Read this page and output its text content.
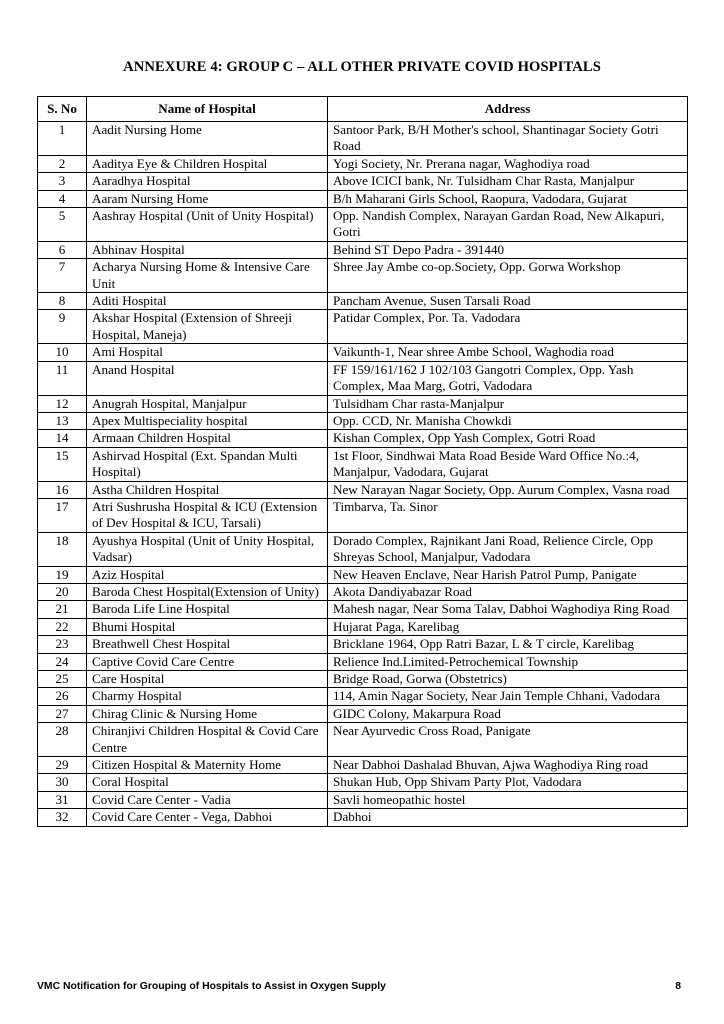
ANNEXURE 4: GROUP C – ALL OTHER PRIVATE COVID HOSPITALS
S. No	Name of Hospital	Address
1	Aadit Nursing Home	Santoor Park, B/H Mother's school, Shantinagar Society Gotri Road
2	Aaditya Eye & Children Hospital	Yogi Society, Nr. Prerana nagar, Waghodiya road
3	Aaradhya Hospital	Above ICICI bank, Nr. Tulsidham Char Rasta, Manjalpur
4	Aaram Nursing Home	B/h Maharani Girls School, Raopura, Vadodara, Gujarat
5	Aashray Hospital (Unit of Unity Hospital)	Opp. Nandish Complex, Narayan Gardan Road, New Alkapuri, Gotri
6	Abhinav Hospital	Behind ST Depo Padra - 391440
7	Acharya Nursing Home & Intensive Care Unit	Shree Jay Ambe co-op.Society, Opp. Gorwa Workshop
8	Aditi Hospital	Pancham Avenue, Susen Tarsali Road
9	Akshar Hospital (Extension of Shreeji Hospital, Maneja)	Patidar Complex, Por. Ta. Vadodara
10	Ami Hospital	Vaikunth-1, Near shree Ambe School, Waghodia road
11	Anand Hospital	FF 159/161/162 J 102/103 Gangotri Complex, Opp. Yash Complex, Maa Marg, Gotri, Vadodara
12	Anugrah Hospital, Manjalpur	Tulsidham Char rasta-Manjalpur
13	Apex Multispeciality hospital	Opp. CCD, Nr. Manisha Chowkdi
14	Armaan Children Hospital	Kishan Complex, Opp Yash Complex, Gotri Road
15	Ashirvad Hospital (Ext. Spandan Multi Hospital)	1st Floor, Sindhwai Mata Road Beside Ward Office No.:4, Manjalpur, Vadodara, Gujarat
16	Astha Children Hospital	New Narayan Nagar Society, Opp. Aurum Complex, Vasna road
17	Atri Sushrusha Hospital & ICU (Extension of Dev Hospital & ICU, Tarsali)	Timbarva, Ta. Sinor
18	Ayushya Hospital (Unit of Unity Hospital, Vadsar)	Dorado Complex, Rajnikant Jani Road, Relience Circle, Opp Shreyas School, Manjalpur, Vadodara
19	Aziz Hospital	New Heaven Enclave, Near Harish Patrol Pump, Panigate
20	Baroda Chest Hospital(Extension of Unity)	Akota Dandiyabazar Road
21	Baroda Life Line Hospital	Mahesh nagar, Near Soma Talav, Dabhoi Waghodiya Ring Road
22	Bhumi Hospital	Hujarat Paga, Karelibag
23	Breathwell Chest Hospital	Bricklane 1964, Opp Ratri Bazar, L & T circle, Karelibag
24	Captive Covid Care Centre	Relience Ind.Limited-Petrochemical Township
25	Care Hospital	Bridge Road, Gorwa (Obstetrics)
26	Charmy Hospital	114, Amin Nagar Society, Near Jain Temple Chhani, Vadodara
27	Chirag Clinic & Nursing Home	GIDC Colony, Makarpura Road
28	Chiranjivi Children Hospital & Covid Care Centre	Near Ayurvedic Cross Road, Panigate
29	Citizen Hospital & Maternity Home	Near Dabhoi Dashalad Bhuvan, Ajwa Waghodiya Ring road
30	Coral Hospital	Shukan Hub, Opp Shivam Party Plot, Vadodara
31	Covid Care Center - Vadia	Savli homeopathic hostel
32	Covid Care Center - Vega, Dabhoi	Dabhoi
VMC Notification for Grouping of Hospitals to Assist in Oxygen Supply	8
